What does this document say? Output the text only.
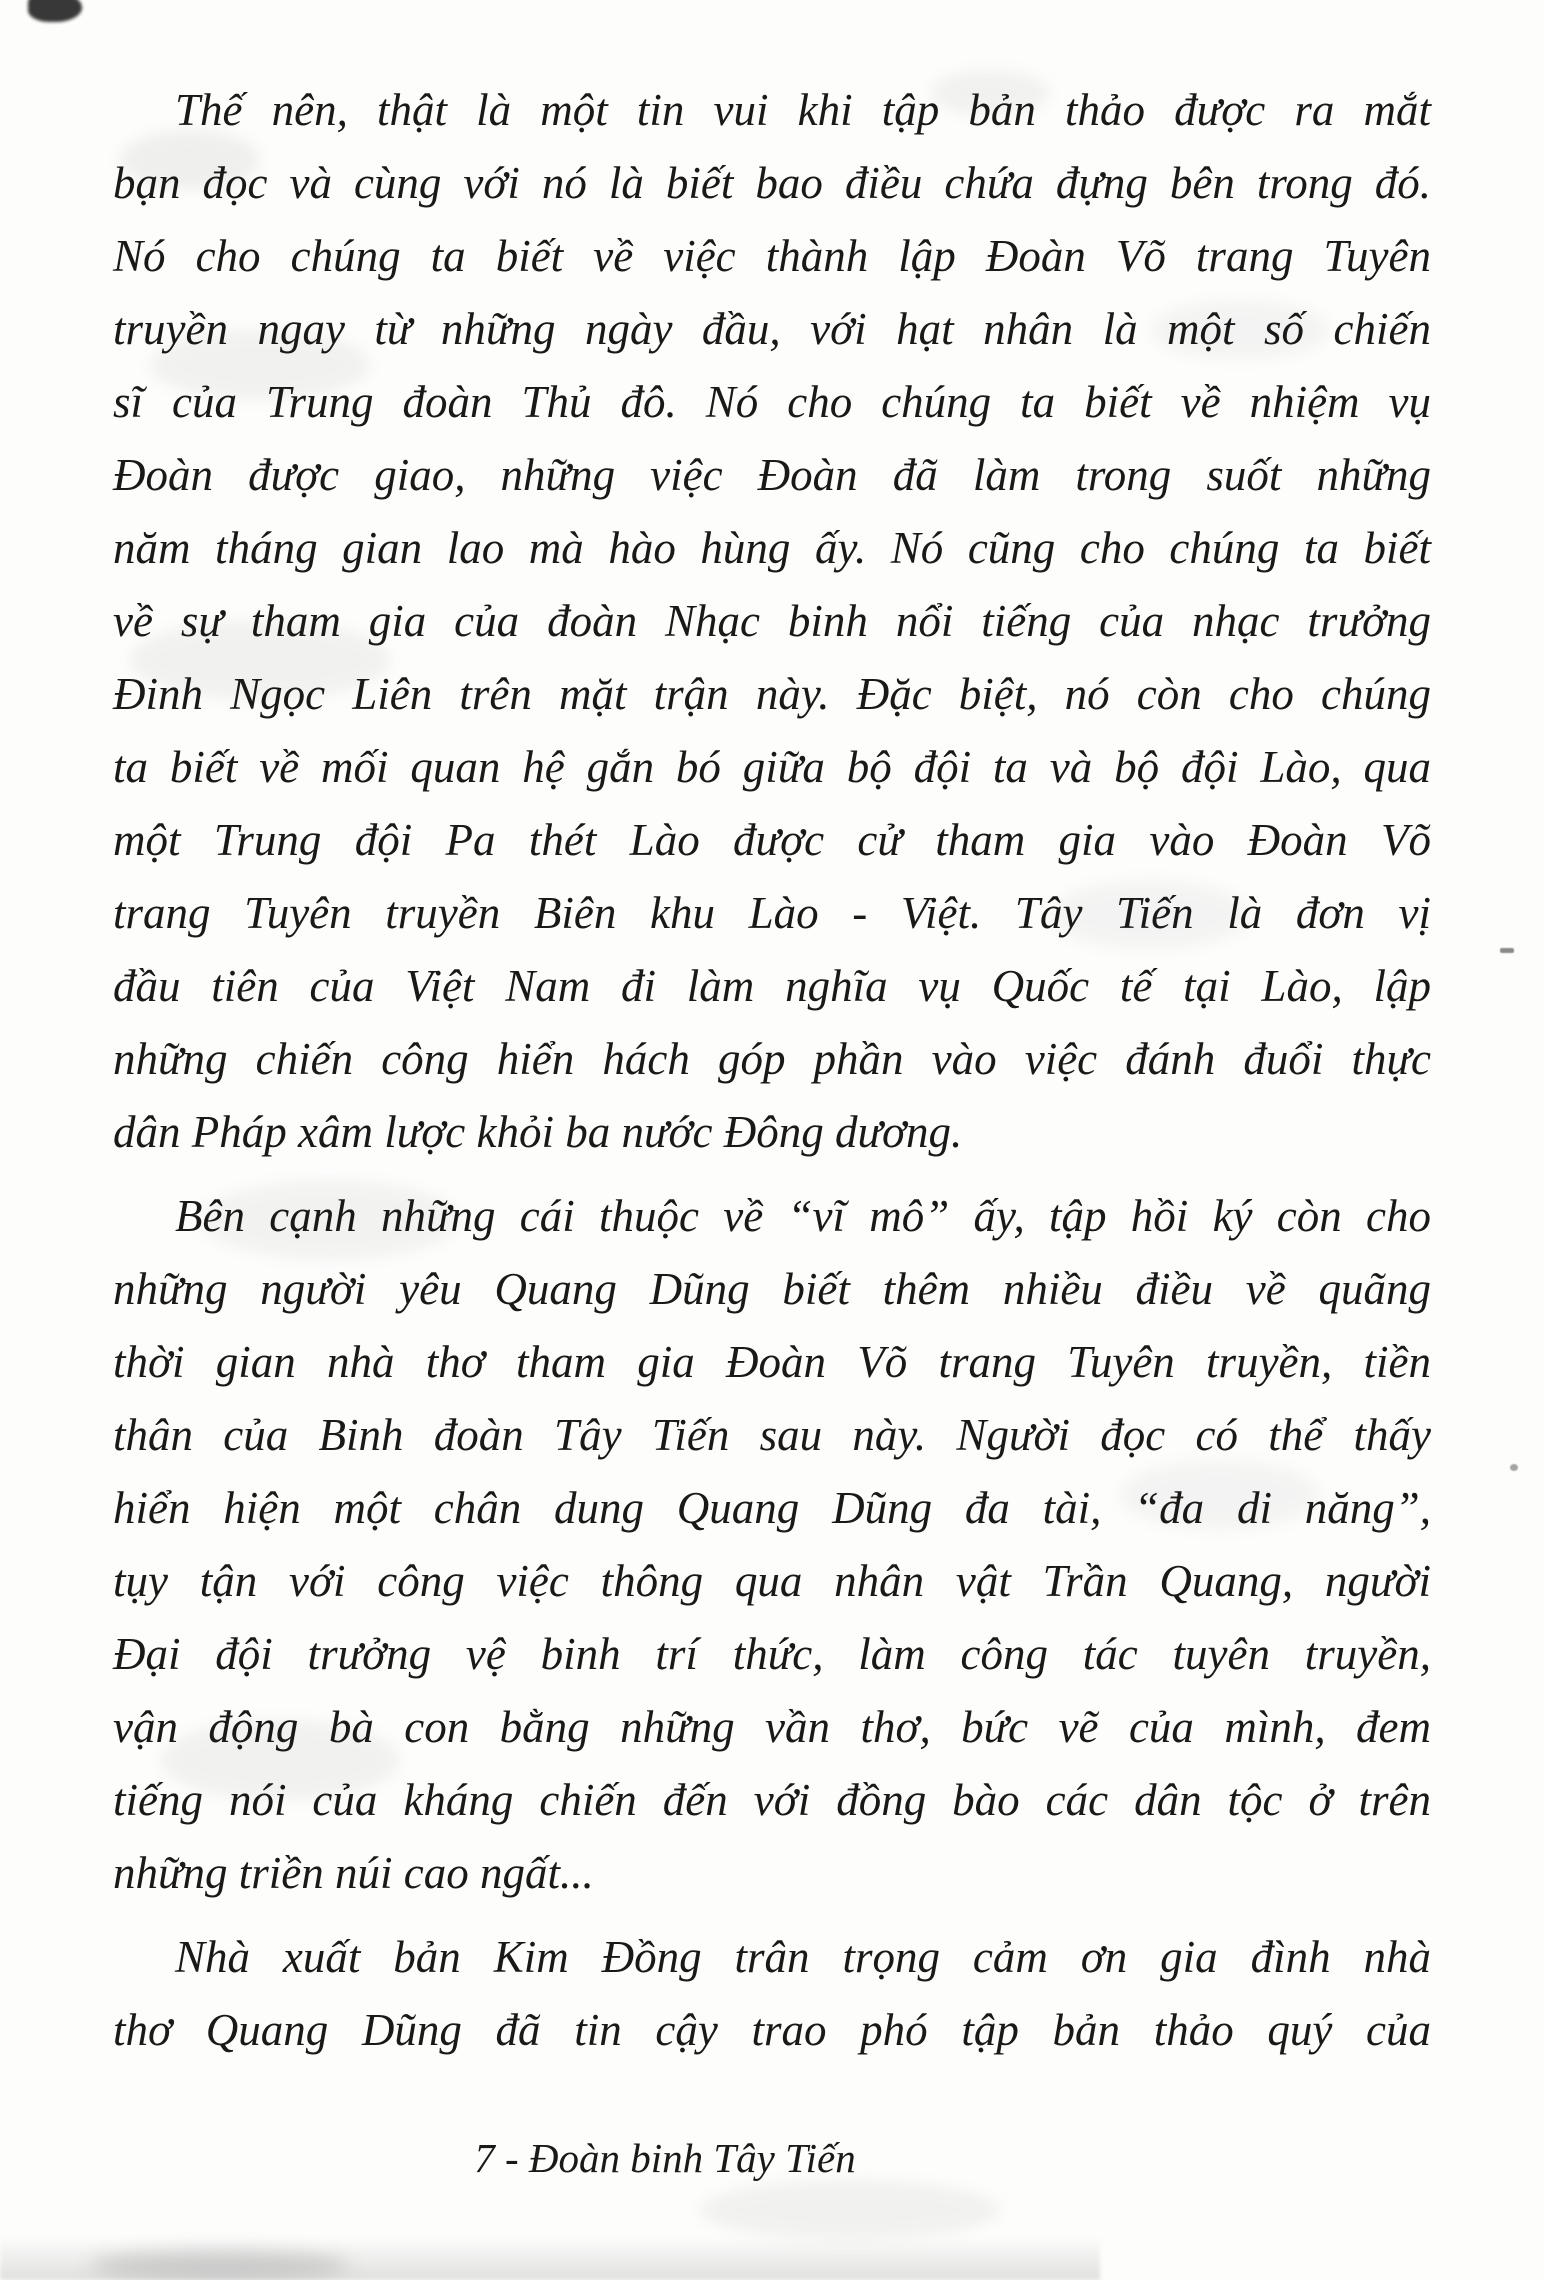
Thế nên, thật là một tin vui khi tập bản thảo được ra mắt
bạn đọc và cùng với nó là biết bao điều chứa đựng bên trong đó.
Nó cho chúng ta biết về việc thành lập Đoàn Võ trang Tuyên
truyền ngay từ những ngày đầu, với hạt nhân là một số chiến
sĩ của Trung đoàn Thủ đô. Nó cho chúng ta biết về nhiệm vụ
Đoàn được giao, những việc Đoàn đã làm trong suốt những
năm tháng gian lao mà hào hùng ấy. Nó cũng cho chúng ta biết
về sự tham gia của đoàn Nhạc binh nổi tiếng của nhạc trưởng
Đinh Ngọc Liên trên mặt trận này. Đặc biệt, nó còn cho chúng
ta biết về mối quan hệ gắn bó giữa bộ đội ta và bộ đội Lào, qua
một Trung đội Pa thét Lào được cử tham gia vào Đoàn Võ
trang Tuyên truyền Biên khu Lào - Việt. Tây Tiến là đơn vị
đầu tiên của Việt Nam đi làm nghĩa vụ Quốc tế tại Lào, lập
những chiến công hiển hách góp phần vào việc đánh đuổi thực
dân Pháp xâm lược khỏi ba nước Đông dương.
Bên cạnh những cái thuộc về “vĩ mô” ấy, tập hồi ký còn cho
những người yêu Quang Dũng biết thêm nhiều điều về quãng
thời gian nhà thơ tham gia Đoàn Võ trang Tuyên truyền, tiền
thân của Binh đoàn Tây Tiến sau này. Người đọc có thể thấy
hiển hiện một chân dung Quang Dũng đa tài, “đa di năng”,
tụy tận với công việc thông qua nhân vật Trần Quang, người
Đại đội trưởng vệ binh trí thức, làm công tác tuyên truyền,
vận động bà con bằng những vần thơ, bức vẽ của mình, đem
tiếng nói của kháng chiến đến với đồng bào các dân tộc ở trên
những triền núi cao ngất...
Nhà xuất bản Kim Đồng trân trọng cảm ơn gia đình nhà
thơ Quang Dũng đã tin cậy trao phó tập bản thảo quý của
7 - Đoàn binh Tây Tiến
